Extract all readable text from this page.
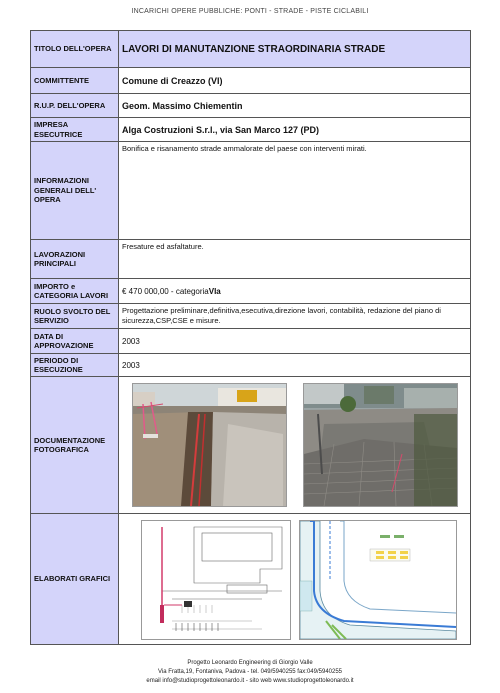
INCARICHI OPERE PUBBLICHE: PONTI - STRADE - PISTE CICLABILI
TITOLO DELL'OPERA	LAVORI DI MANUTANZIONE STRAORDINARIA STRADE
COMMITTENTE	Comune di Creazzo (VI)
R.U.P. DELL'OPERA	Geom. Massimo Chiementin
IMPRESA ESECUTRICE	Alga Costruzioni S.r.l., via San Marco 127 (PD)
INFORMAZIONI GENERALI DELL' OPERA	Bonifica e risanamento strade ammalorate del paese con interventi mirati.
LAVORAZIONI PRINCIPALI	Fresature ed asfaltature.
IMPORTO e CATEGORIA LAVORI	€ 470 000,00 - categoriaVIa
RUOLO SVOLTO DEL SERVIZIO	Progettazione preliminare,definitiva,esecutiva,direzione lavori, contabilità, redazione del piano di sicurezza,CSP,CSE e misure.
DATA DI APPROVAZIONE	2003
PERIODO DI ESECUZIONE	2003
DOCUMENTAZIONE FOTOGRAFICA	

ELABORATI GRAFICI	
Progetto Leonardo Engineering di Giorgio Valle
Via Fratta,19, Fontaniva, Padova - tel. 049/5940255 fax:049/5940255
email info@studioprogettoleonardo.it - sito web www.studioprogettoleonardo.it
